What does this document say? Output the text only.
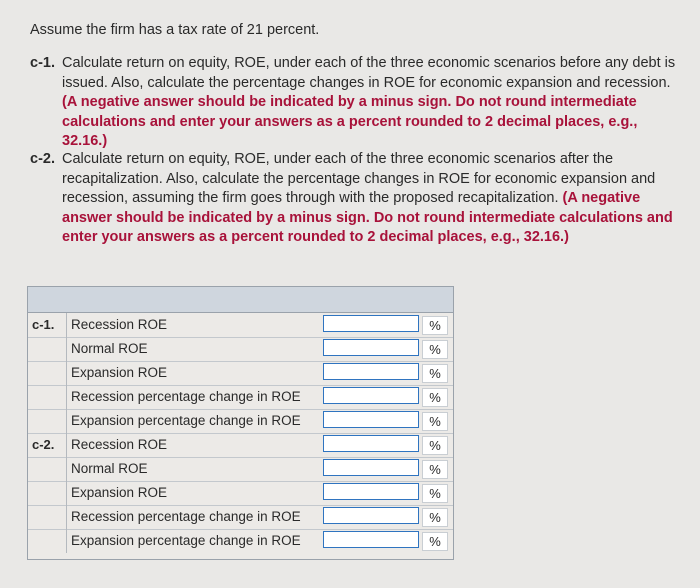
Assume the firm has a tax rate of 21 percent.
c-1. Calculate return on equity, ROE, under each of the three economic scenarios before any debt is issued. Also, calculate the percentage changes in ROE for economic expansion and recession. (A negative answer should be indicated by a minus sign. Do not round intermediate calculations and enter your answers as a percent rounded to 2 decimal places, e.g., 32.16.)
c-2. Calculate return on equity, ROE, under each of the three economic scenarios after the recapitalization. Also, calculate the percentage changes in ROE for economic expansion and recession, assuming the firm goes through with the proposed recapitalization. (A negative answer should be indicated by a minus sign. Do not round intermediate calculations and enter your answers as a percent rounded to 2 decimal places, e.g., 32.16.)
c-1.	Recession ROE	%
Normal ROE	%
Expansion ROE	%
Recession percentage change in ROE	%
Expansion percentage change in ROE	%
c-2.	Recession ROE	%
Normal ROE	%
Expansion ROE	%
Recession percentage change in ROE	%
Expansion percentage change in ROE	%
